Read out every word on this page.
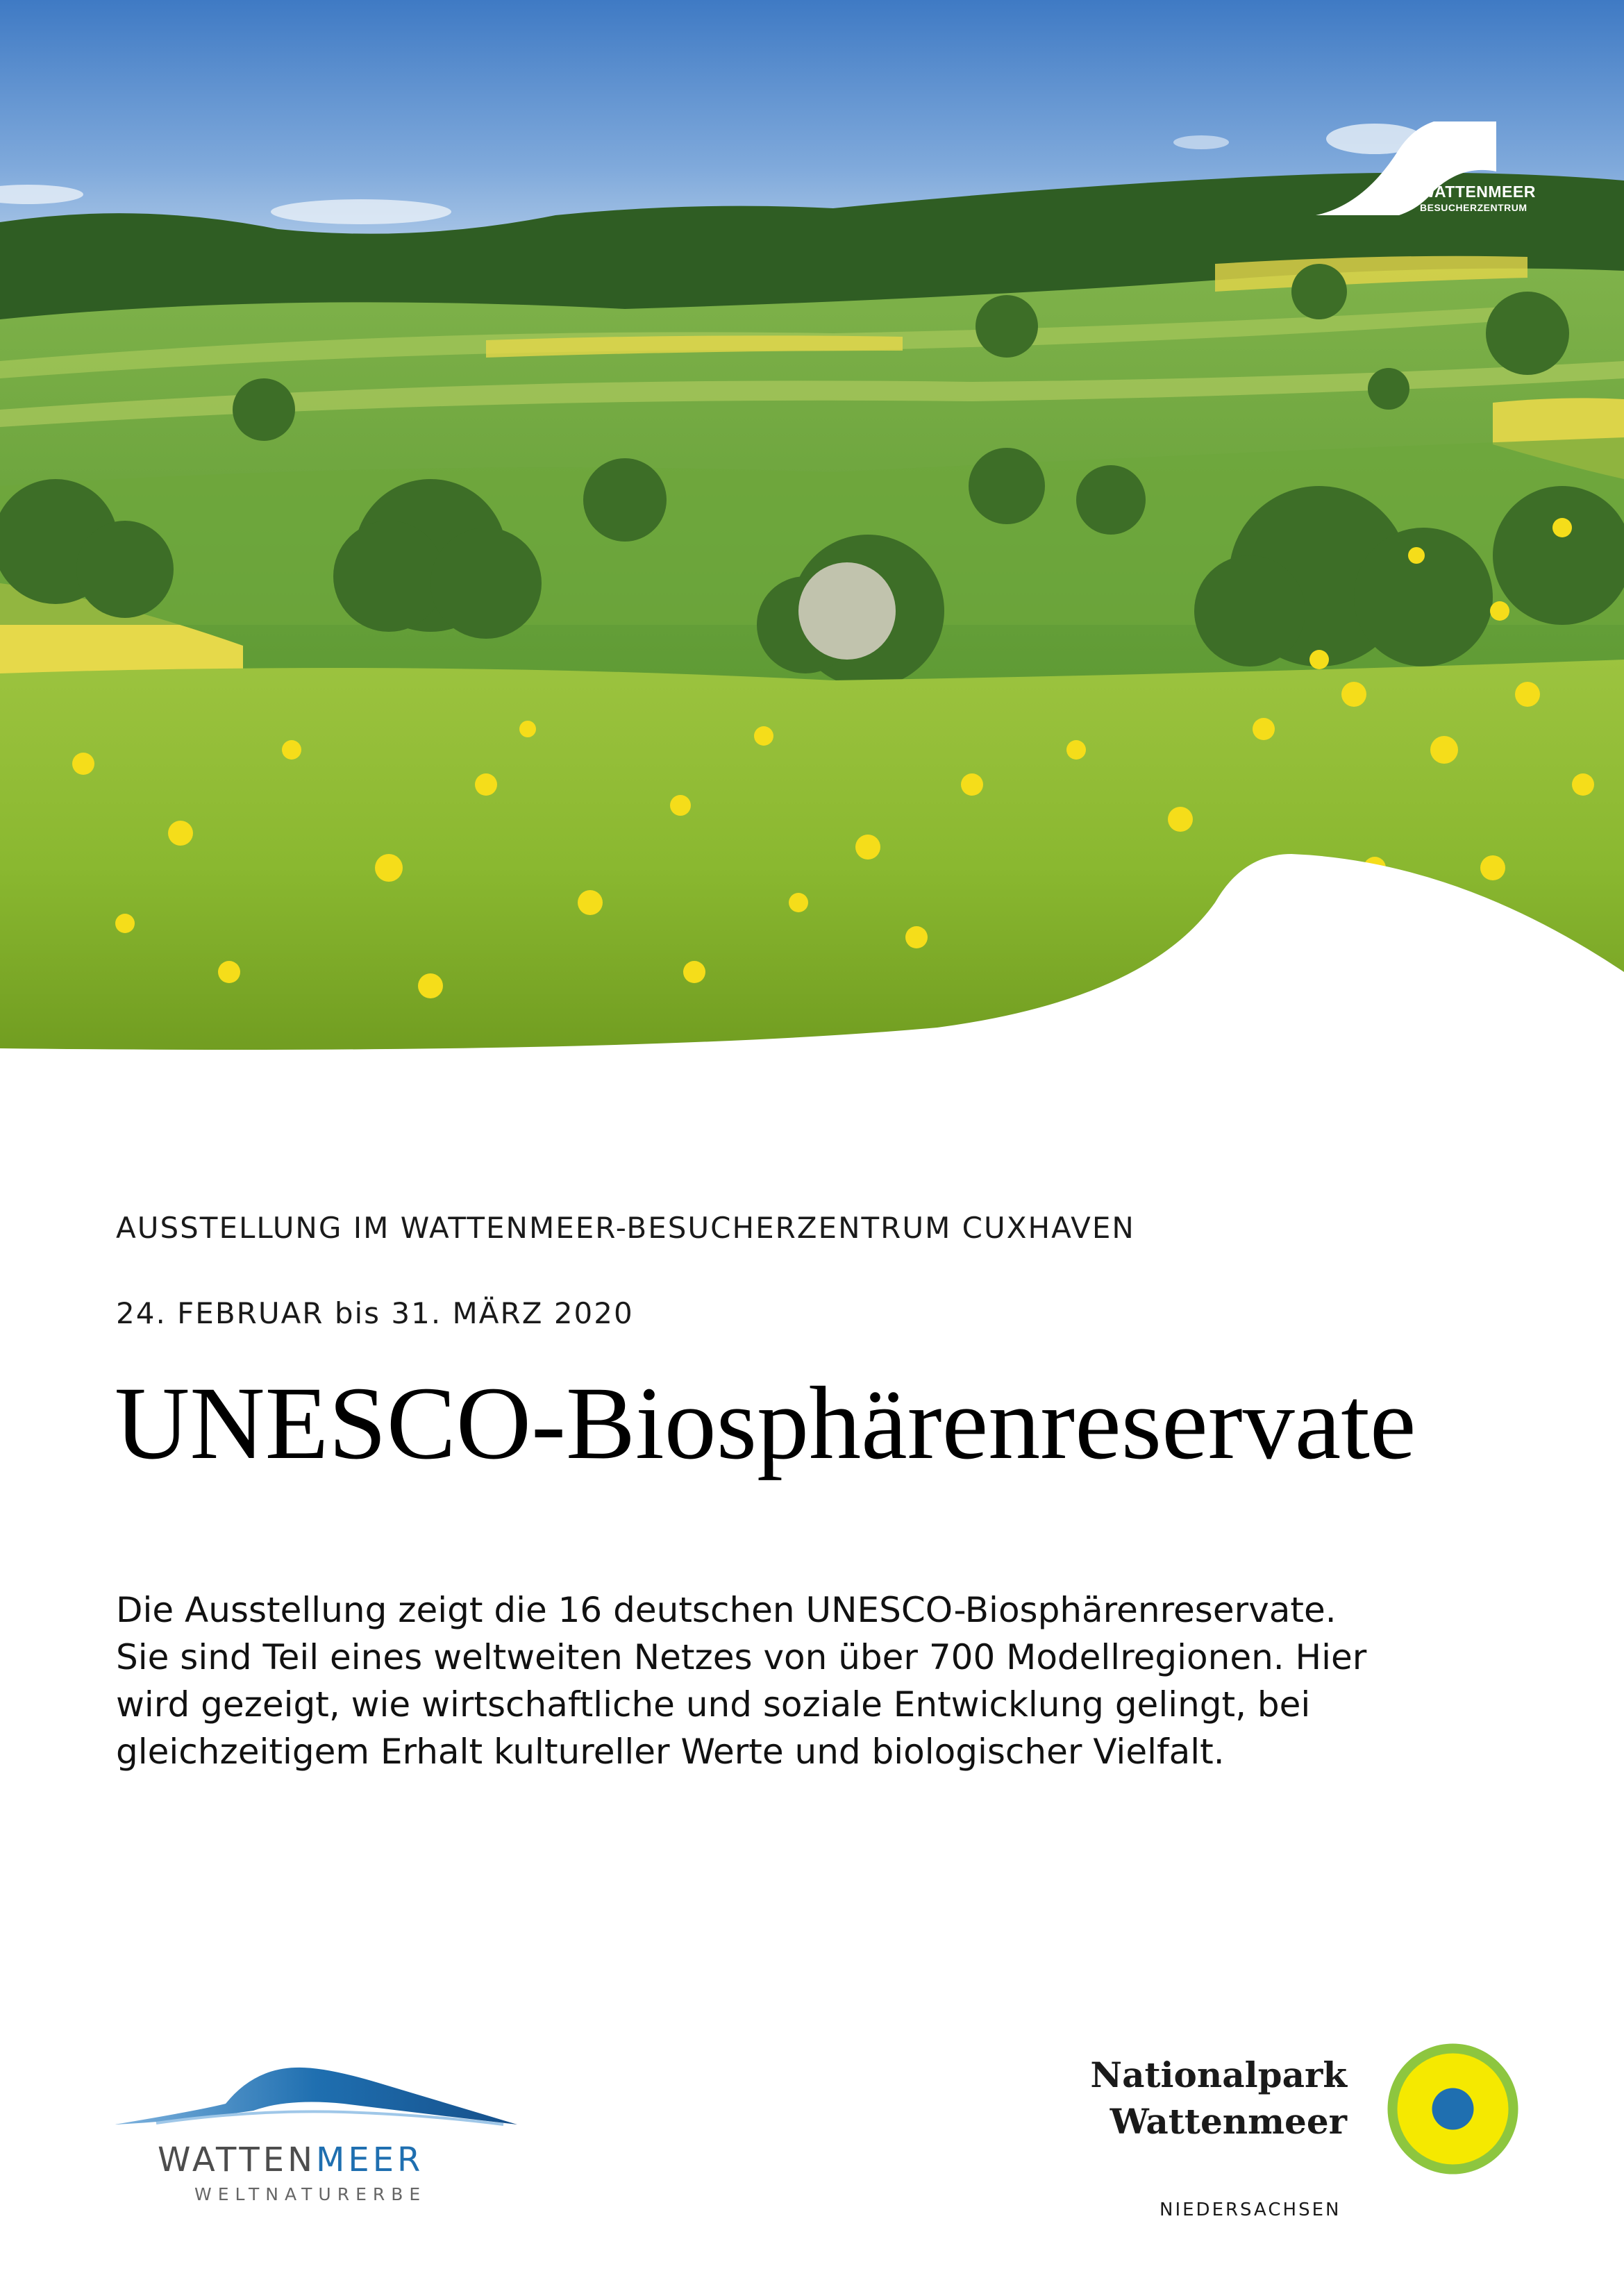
WATTENMEER
BESUCHERZENTRUM
AUSSTELLUNG IM WATTENMEER-BESUCHERZENTRUM CUXHAVEN
24. FEBRUAR bis 31. MÄRZ 2020
UNESCO-Biosphärenreservate
Die Ausstellung zeigt die 16 deutschen UNESCO-Biosphärenreservate.
Sie sind Teil eines weltweiten Netzes von über 700 Modellregionen. Hier
wird gezeigt, wie wirtschaftliche und soziale Entwicklung gelingt, bei
gleichzeitigem Erhalt kultureller Werte und biologischer Vielfalt.
WATTENMEER
WELTNATURERBE
Nationalpark
Wattenmeer
NIEDERSACHSEN
